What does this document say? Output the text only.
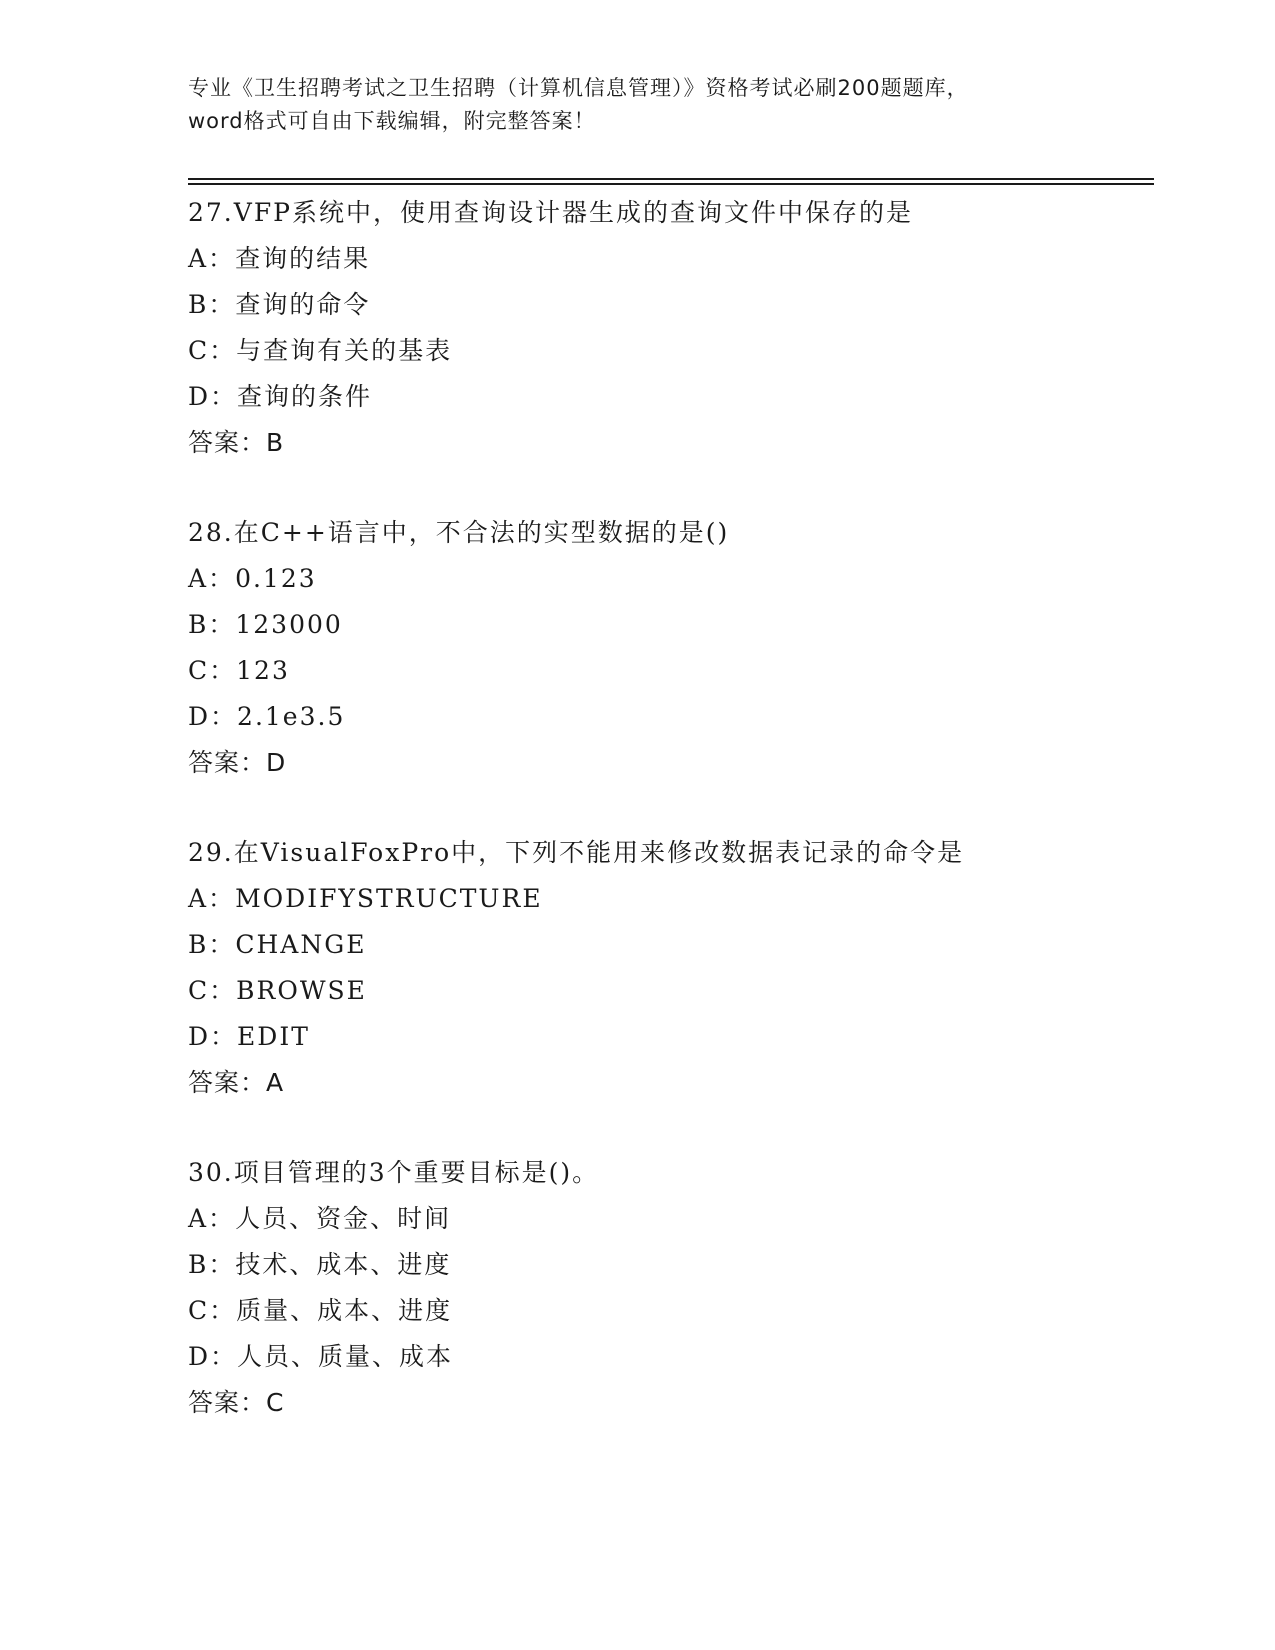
专业《卫生招聘考试之卫生招聘（计算机信息管理）》资格考试必刷200题题库，
word格式可自由下载编辑，附完整答案！
27.VFP系统中，使用查询设计器生成的查询文件中保存的是
A：查询的结果
B：查询的命令
C：与查询有关的基表
D：查询的条件
答案：B
28.在C++语言中，不合法的实型数据的是()
A：0.123
B：123000
C：123
D：2.1e3.5
答案：D
29.在VisualFoxPro中，下列不能用来修改数据表记录的命令是
A：MODIFYSTRUCTURE
B：CHANGE
C：BROWSE
D：EDIT
答案：A
30.项目管理的3个重要目标是()。
A：人员、资金、时间
B：技术、成本、进度
C：质量、成本、进度
D：人员、质量、成本
答案：C
